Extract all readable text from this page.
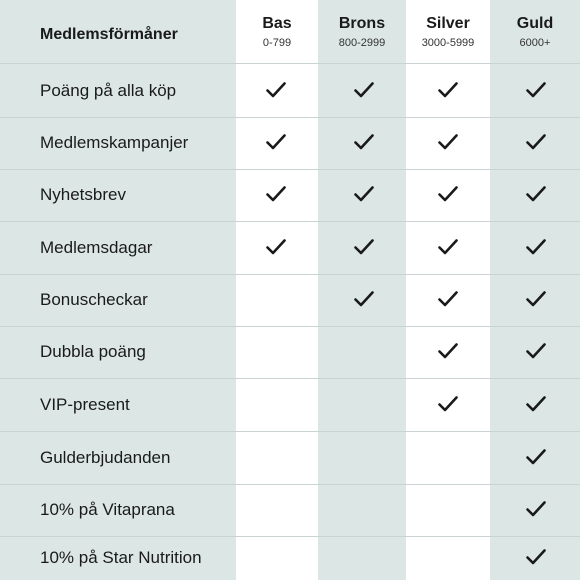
Medlemsförmåner
Bas
0-799
Brons
800-2999
Silver
3000-5999
Guld
6000+
Poäng på alla köp
Medlemskampanjer
Nyhetsbrev
Medlemsdagar
Bonuscheckar
Dubbla poäng
VIP-present
Gulderbjudanden
10% på Vitaprana
10% på Star Nutrition
